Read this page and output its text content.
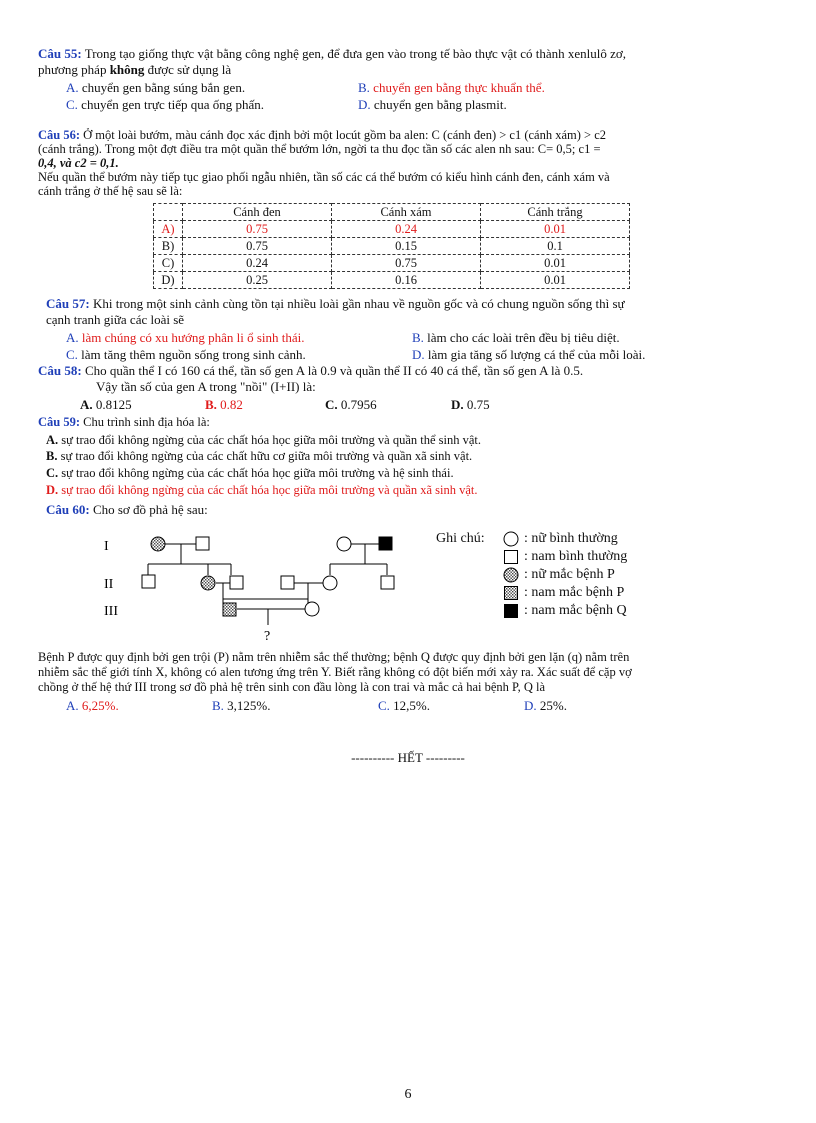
Câu 55: Trong tạo giống thực vật bằng công nghệ gen, để đưa gen vào trong tế bào thực vật có thành xenlulô zơ,
phương pháp không được sử dụng là
A. chuyển gen bằng súng bắn gen.	B. chuyển gen bằng thực khuẩn thể.
C. chuyển gen trực tiếp qua ống phấn.	D. chuyển gen bằng plasmit.
Câu 56: Ở một loài bướm, màu cánh đọc xác định bởi một locút gồm ba alen: C (cánh đen) > c1 (cánh xám) > c2
(cánh trắng). Trong một đợt điều tra một quần thể bướm lớn, ngời ta thu đọc tần số các alen nh sau: C= 0,5; c1 =
0,4, và c2 = 0,1.
Nếu quần thể bướm này tiếp tục giao phối ngẫu nhiên, tần số các cá thể bướm có kiểu hình cánh đen, cánh xám và
cánh trắng ở thế hệ sau sẽ là:
	Cánh đen	Cánh xám	Cánh trắng
A)	0.75	0.24	0.01
B)	0.75	0.15	0.1
C)	0.24	0.75	0.01
D)	0.25	0.16	0.01
Câu 57: Khi trong một sinh cảnh cùng tồn tại nhiều loài gần nhau về nguồn gốc và có chung nguồn sống thì sự
cạnh tranh giữa các loài sẽ
A. làm chúng có xu hướng phân li ổ sinh thái.	B. làm cho các loài trên đều bị tiêu diệt.
C. làm tăng thêm nguồn sống trong sinh cảnh.	D. làm gia tăng số lượng cá thể của mỗi loài.
Câu 58: Cho quần thể I có 160 cá thể, tần số gen A là 0.9 và quần thể II có 40 cá thể, tần số gen A là 0.5.
Vậy tần số của gen A trong "nồi" (I+II) là:
A. 0.8125	B. 0.82	C. 0.7956	D. 0.75
Câu 59: Chu trình sinh địa hóa là:
A. sự trao đổi không ngừng của các chất hóa học giữa môi trường và quần thể sinh vật.
B. sự trao đổi không ngừng của các chất hữu cơ giữa môi trường và quần xã sinh vật.
C. sự trao đổi không ngừng của các chất hóa học giữa môi trường và hệ sinh thái.
D. sự trao đổi không ngừng của các chất hóa học giữa môi trường và quần xã sinh vật.
Câu 60: Cho sơ đồ phả hệ sau:
I
II
III
?
Ghi chú:	: nữ bình thường
: nam bình thường
: nữ mắc bệnh P
: nam mắc bệnh P
: nam mắc bệnh Q
Bệnh P được quy định bởi gen trội (P) nằm trên nhiễm sắc thể thường; bệnh Q được quy định bởi gen lặn (q) nằm trên
nhiễm sắc thể giới tính X, không có alen tương ứng trên Y. Biết rằng không có đột biến mới xảy ra. Xác suất để cặp vợ
chồng ở thế hệ thứ III trong sơ đồ phả hệ trên sinh con đầu lòng là con trai và mắc cả hai bệnh P, Q là
A. 6,25%.	B. 3,125%.	C. 12,5%.	D. 25%.
---------- HẾT ---------
6
